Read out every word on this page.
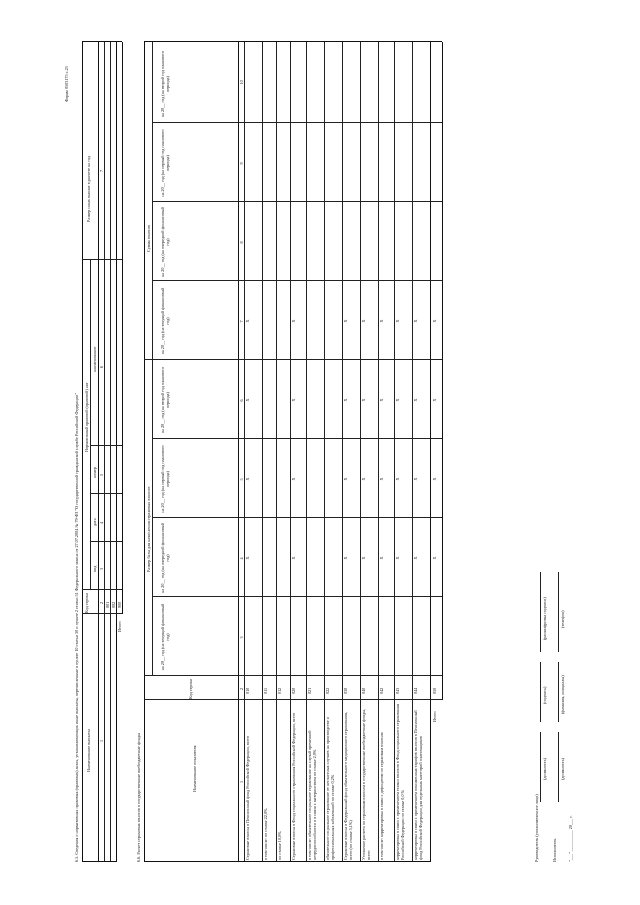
Форма 0503175 с.23
6.5. Сведения о нормативных правовых (правовых) актах, устанавливающих иные выплаты, перечисленные в пункте 10 статьи 50 и пункте 2 статьи 51 Федерального закона от 27.07.2004 № 79-ФЗ "О государственной гражданской службе Российской Федерации" Наименование выплаты
Код строки
Нормативный правовой (правовой) акт
Размер иных выплат в расчете на год
вид
дата
номер
наименование
1
2
3
4
5
6
7
001 002
Итого
900
6.6. Расчет страховых взносов в государственные внебюджетные фонды	Наименование показателя
Код строки
Размер базы для начисления страховых взносов
Сумма взносов
на 20__ год (на текущий финансовый год)
на 20__ год (на очередной финансовый год)
на 20__ год (на первый год планового периода)
на 20__ год (на второй год планового периода)
на 20__ год (на текущий финансовый год)
на 20__ год (на очередной финансовый год)
на 20__ год (на первый год планового периода)
на 20__ год (на второй год планового периода)
1
2
3
4
5
6
7
8
9
10
Страховые взносы в Пенсионный фонд Российской Федерации, всего
010
X
X
X
X
в том числе: по ставке 22,0%
011
по ставке 10,0%
012
Страховые взносы в Фонд социального страхования Российской Федерации, всего
020
X
X
X
X
в том числе: обязательное социальное страхование на случай временной нетрудоспособности и в связи с материнством по ставке 2,9%
021
обязательное социальное страхование от несчастных случаев на производстве и профессиональных заболеваний по ставке 0,2%
022
Страховые взносы в Федеральный фонд обязательного медицинского страхования, всего (по ставке 5,1%)
030
X
X
X
X
Уточнение расчета по страховым взносам в государственные внебюджетные фонды, всего
040
X
X
X
X
в том числе: корректировка в связи с дефицитом по страховым взносам
042
X
X
X
X
корректировка в связи с применением ставки взносов в Фонд социального страхования Российской Федерации по ставке 0,0 %
043
X
X
X
X
корректировка в связи с применением пониженных тарифов взносов в Пенсионный фонд Российской Федерации для отдельных категорий плательщиков
044
X
X
X
X
Итого
050
X
X
X
X
Руководитель (уполномоченное лицо)
(должность)
(подпись)
(расшифровка подписи)
Исполнитель
(должность)
(фамилия, инициалы)
(телефон)
"___" __________ 20___ г.
